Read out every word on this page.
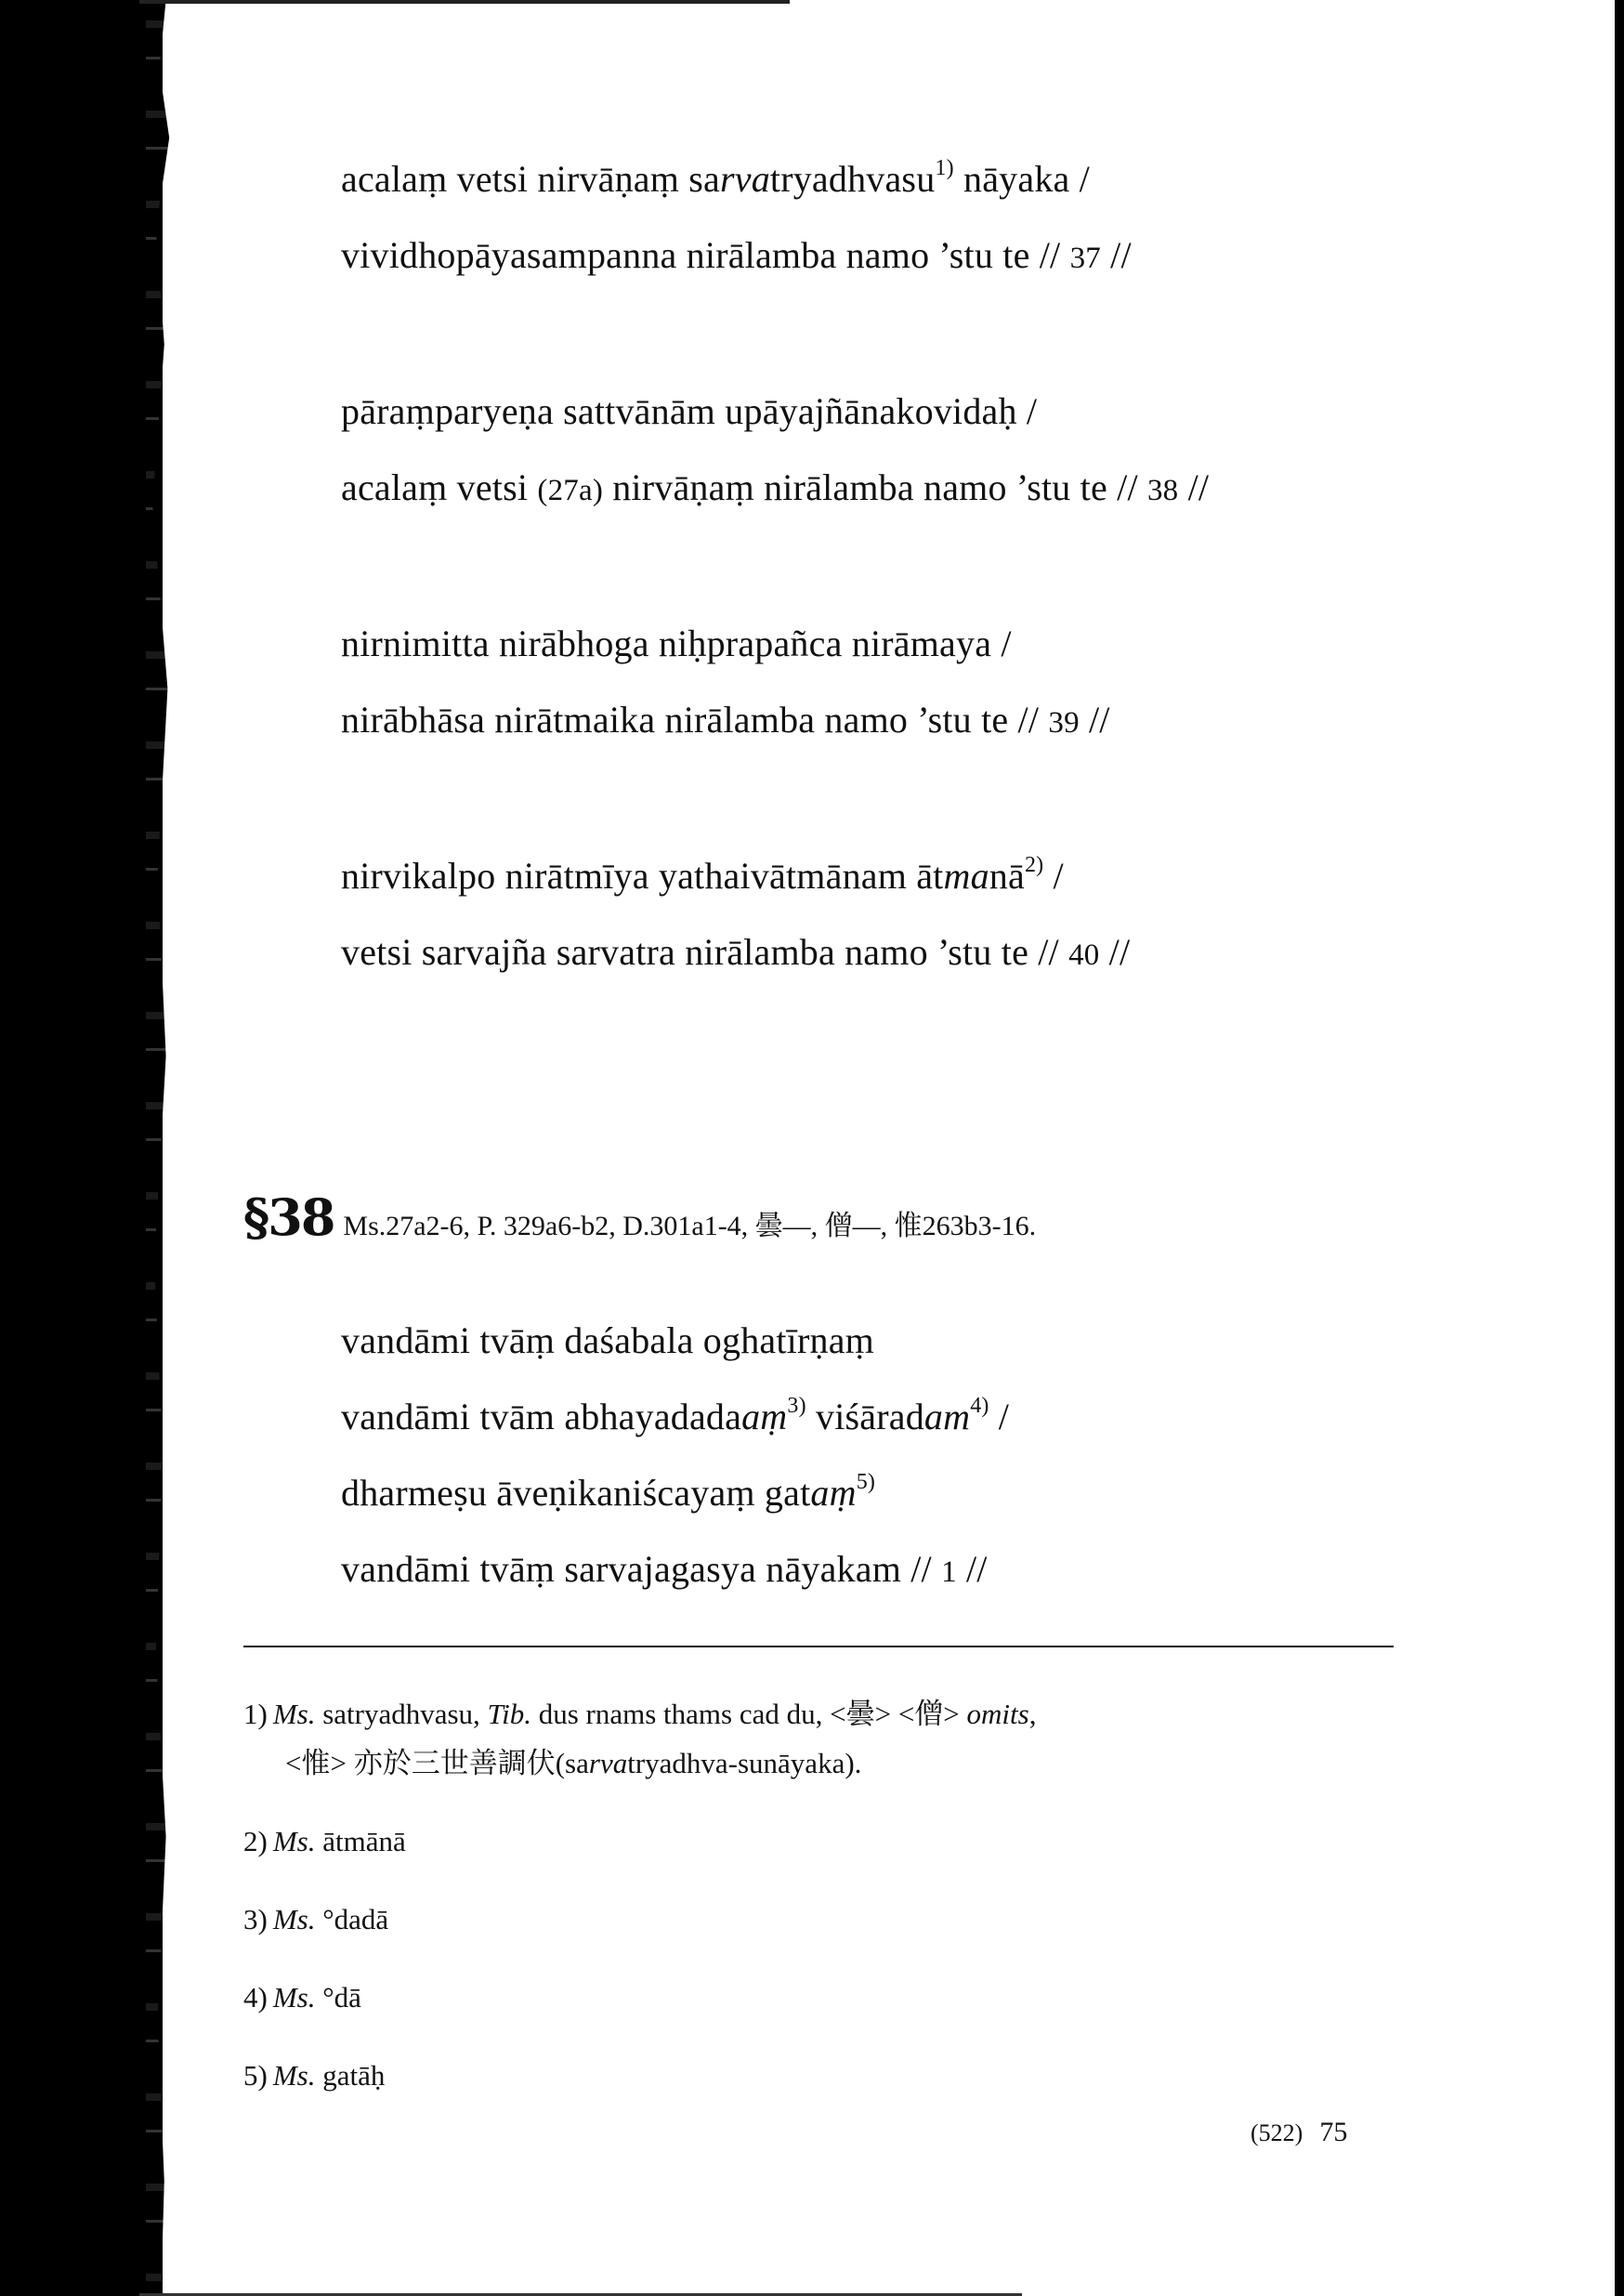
acalaṃ vetsi nirvāṇaṃ sarvatryadhvasu$^{1)}$ nāyaka /
vividhopāyasampanna nirālamba namo ’stu te // 37 //
pāraṃparyeṇa sattvānām upāyajñānakovidaḥ /
acalaṃ vetsi (27a) nirvāṇaṃ nirālamba namo ’stu te // 38 //
nirnimitta nirābhoga niḥprapañca nirāmaya /
nirābhāsa nirātmaika nirālamba namo ’stu te // 39 //
nirvikalpo nirātmīya yathaivātmānam ātmanā$^{2)}$ /
vetsi sarvajña sarvatra nirālamba namo ’stu te // 40 //
§38 Ms.27a2-6, P. 329a6-b2, D.301a1-4, 曇—, 僧—, 惟263b3-16.
vandāmi tvāṃ daśabala oghatīrṇaṃ
vandāmi tvām abhayadadaaṃ$^{3)}$ viśāradam$^{4)}$ /
dharmeṣu āveṇikaniścayaṃ gataṃ$^{5)}$
vandāmi tvāṃ sarvajagasya nāyakam // 1 //
1) Ms. satryadhvasu, Tib. dus rnams thams cad du, <曇> <僧> omits,
<惟> 亦於三世善調伏(sarvatryadhva-sunāyaka).
2) Ms. ātmānā
3) Ms. °dadā
4) Ms. °dā
5) Ms. gatāḥ
(522) 75
